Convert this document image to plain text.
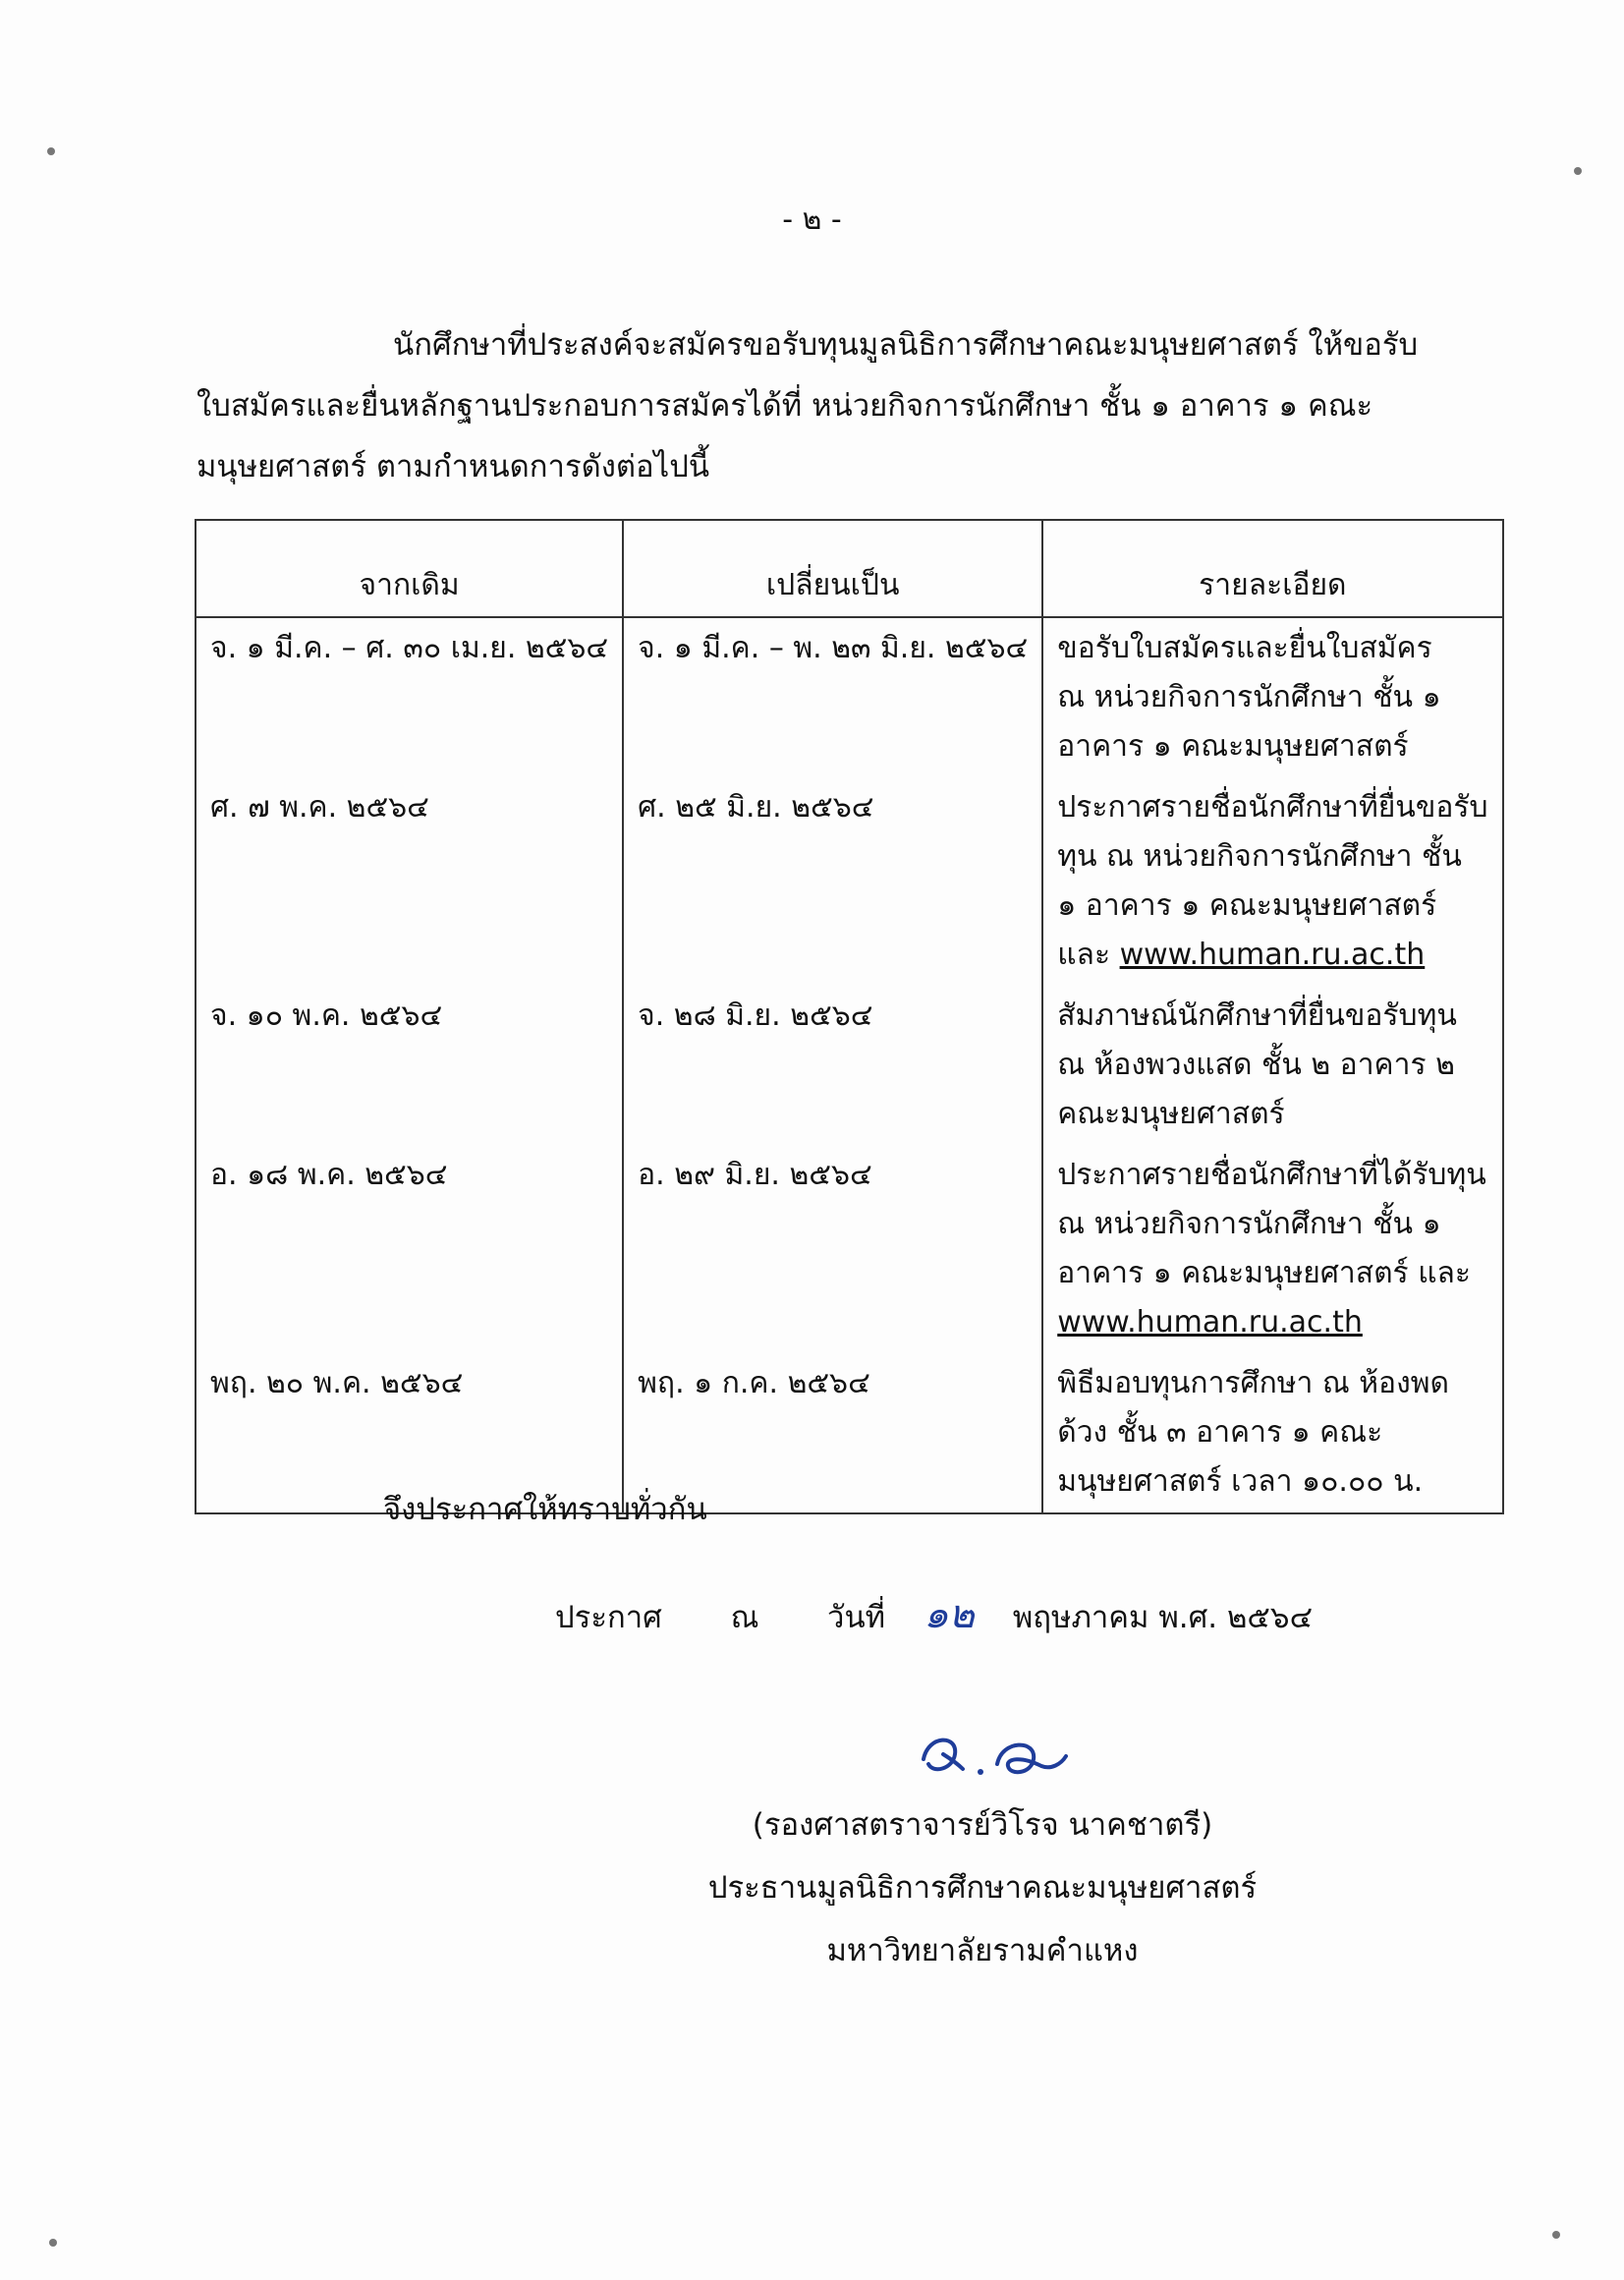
- ๒ -
นักศึกษาที่ประสงค์จะสมัครขอรับทุนมูลนิธิการศึกษาคณะมนุษยศาสตร์ ให้ขอรับ
ใบสมัครและยื่นหลักฐานประกอบการสมัครได้ที่ หน่วยกิจการนักศึกษา ชั้น ๑ อาคาร ๑ คณะ
มนุษยศาสตร์ ตามกำหนดการดังต่อไปนี้
จากเดิม	เปลี่ยนเป็น	รายละเอียด

จ. ๑ มี.ค. – ศ. ๓๐ เม.ย. ๒๕๖๔	จ. ๑ มี.ค. – พ. ๒๓ มิ.ย. ๒๕๖๔	ขอรับใบสมัครและยื่นใบสมัคร
ณ หน่วยกิจการนักศึกษา ชั้น ๑
อาคาร ๑ คณะมนุษยศาสตร์

ศ. ๗ พ.ค. ๒๕๖๔	ศ. ๒๕ มิ.ย. ๒๕๖๔	ประกาศรายชื่อนักศึกษาที่ยื่นขอรับ
ทุน ณ หน่วยกิจการนักศึกษา ชั้น
๑ อาคาร ๑ คณะมนุษยศาสตร์
และ www.human.ru.ac.th

จ. ๑๐ พ.ค. ๒๕๖๔	จ. ๒๘ มิ.ย. ๒๕๖๔	สัมภาษณ์นักศึกษาที่ยื่นขอรับทุน
ณ ห้องพวงแสด ชั้น ๒ อาคาร ๒
คณะมนุษยศาสตร์

อ. ๑๘ พ.ค. ๒๕๖๔	อ. ๒๙ มิ.ย. ๒๕๖๔	ประกาศรายชื่อนักศึกษาที่ได้รับทุน
ณ หน่วยกิจการนักศึกษา ชั้น ๑
อาคาร ๑ คณะมนุษยศาสตร์ และ
www.human.ru.ac.th

พฤ. ๒๐ พ.ค. ๒๕๖๔	พฤ. ๑ ก.ค. ๒๕๖๔	พิธีมอบทุนการศึกษา ณ ห้องพด
ด้วง ชั้น ๓ อาคาร ๑ คณะ
มนุษยศาสตร์ เวลา ๑๐.๐๐ น.
จึงประกาศให้ทราบทั่วกัน
ประกาศ ณ วันที่ ๑๒ พฤษภาคม พ.ศ. ๒๕๖๔
(รองศาสตราจารย์วิโรจ นาคชาตรี)
ประธานมูลนิธิการศึกษาคณะมนุษยศาสตร์
มหาวิทยาลัยรามคำแหง
